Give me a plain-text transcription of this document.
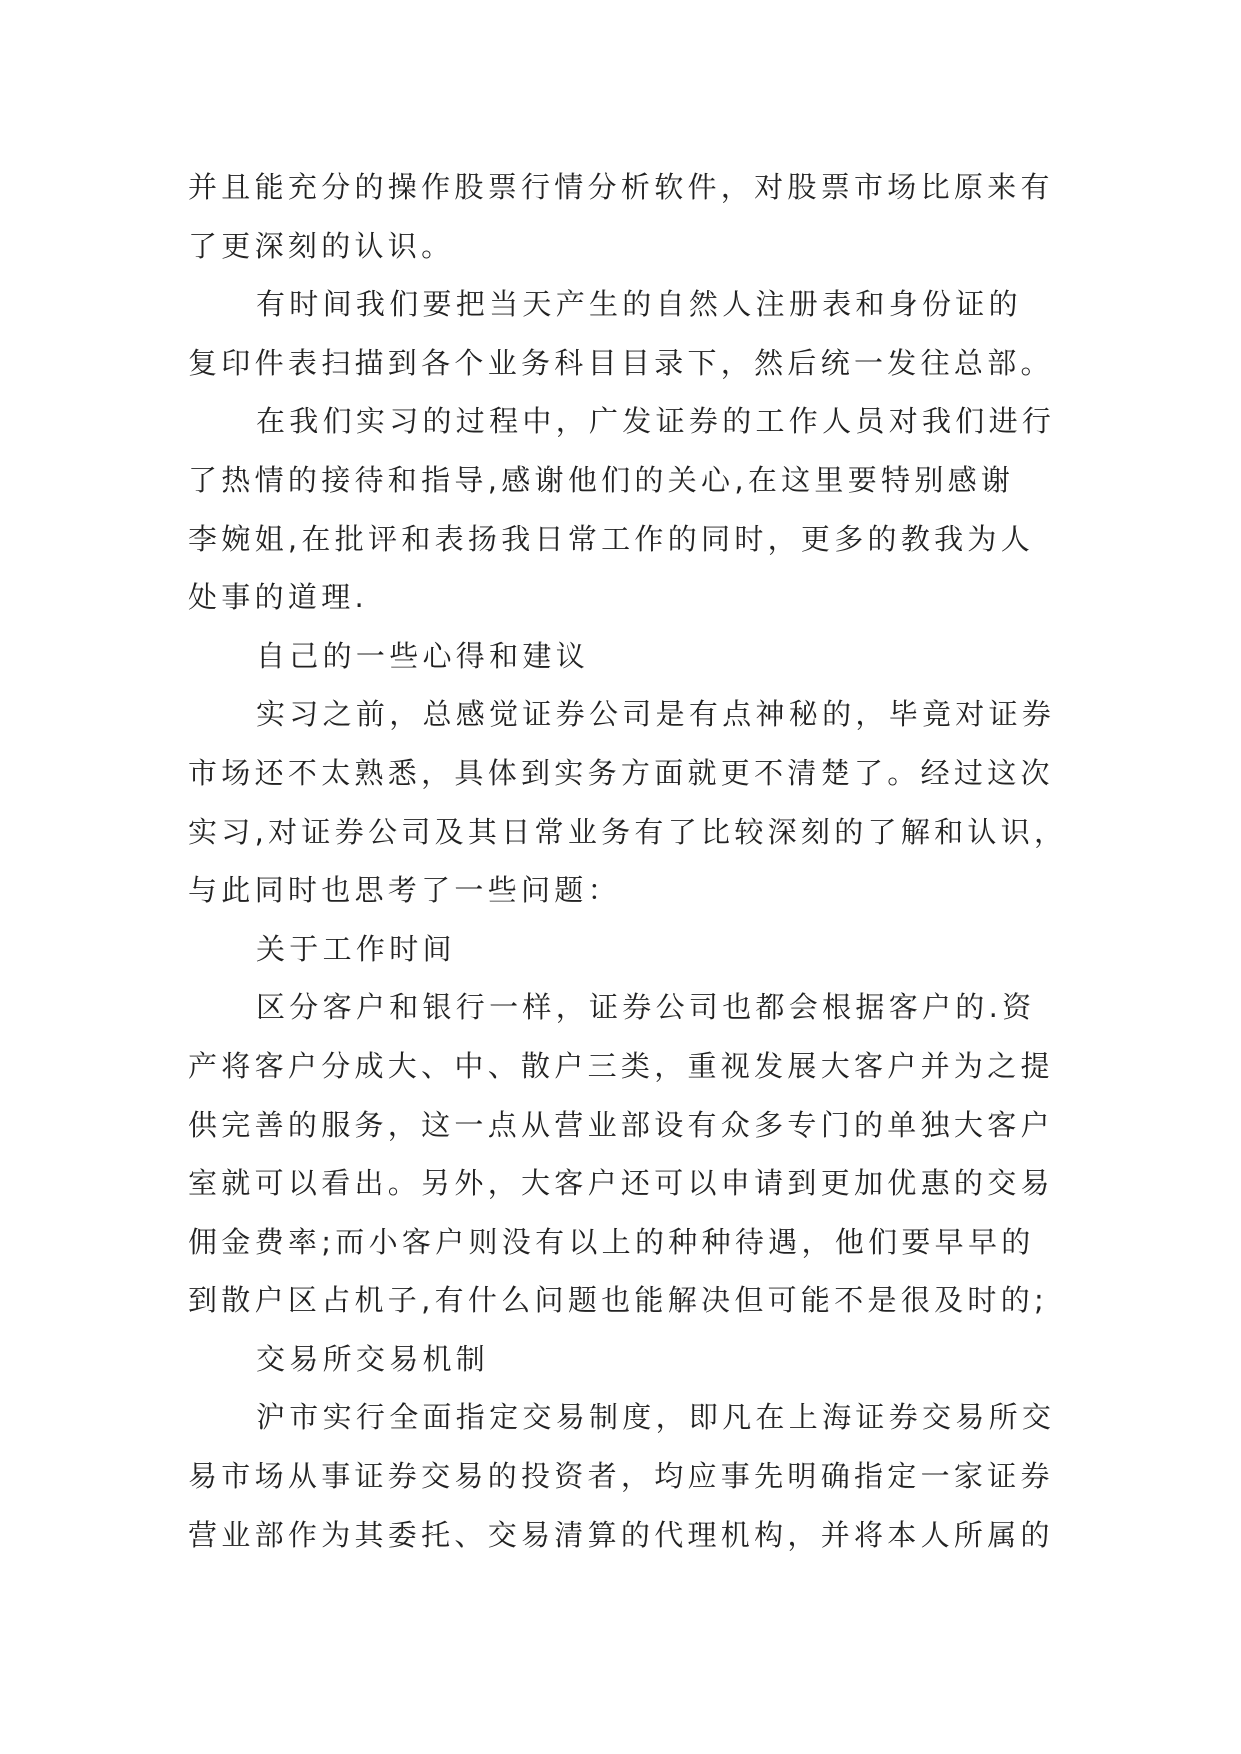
并且能充分的操作股票行情分析软件，对股票市场比原来有
了更深刻的认识。
有时间我们要把当天产生的自然人注册表和身份证的
复印件表扫描到各个业务科目目录下，然后统一发往总部。
在我们实习的过程中，广发证券的工作人员对我们进行
了热情的接待和指导,感谢他们的关心,在这里要特别感谢
李婉姐,在批评和表扬我日常工作的同时，更多的教我为人
处事的道理.
自己的一些心得和建议
实习之前，总感觉证券公司是有点神秘的，毕竟对证券
市场还不太熟悉，具体到实务方面就更不清楚了。经过这次
实习,对证券公司及其日常业务有了比较深刻的了解和认识，
与此同时也思考了一些问题：
关于工作时间
区分客户和银行一样，证券公司也都会根据客户的.资
产将客户分成大、中、散户三类，重视发展大客户并为之提
供完善的服务，这一点从营业部设有众多专门的单独大客户
室就可以看出。另外，大客户还可以申请到更加优惠的交易
佣金费率;而小客户则没有以上的种种待遇，他们要早早的
到散户区占机子,有什么问题也能解决但可能不是很及时的;
交易所交易机制
沪市实行全面指定交易制度，即凡在上海证券交易所交
易市场从事证券交易的投资者，均应事先明确指定一家证券
营业部作为其委托、交易清算的代理机构，并将本人所属的
